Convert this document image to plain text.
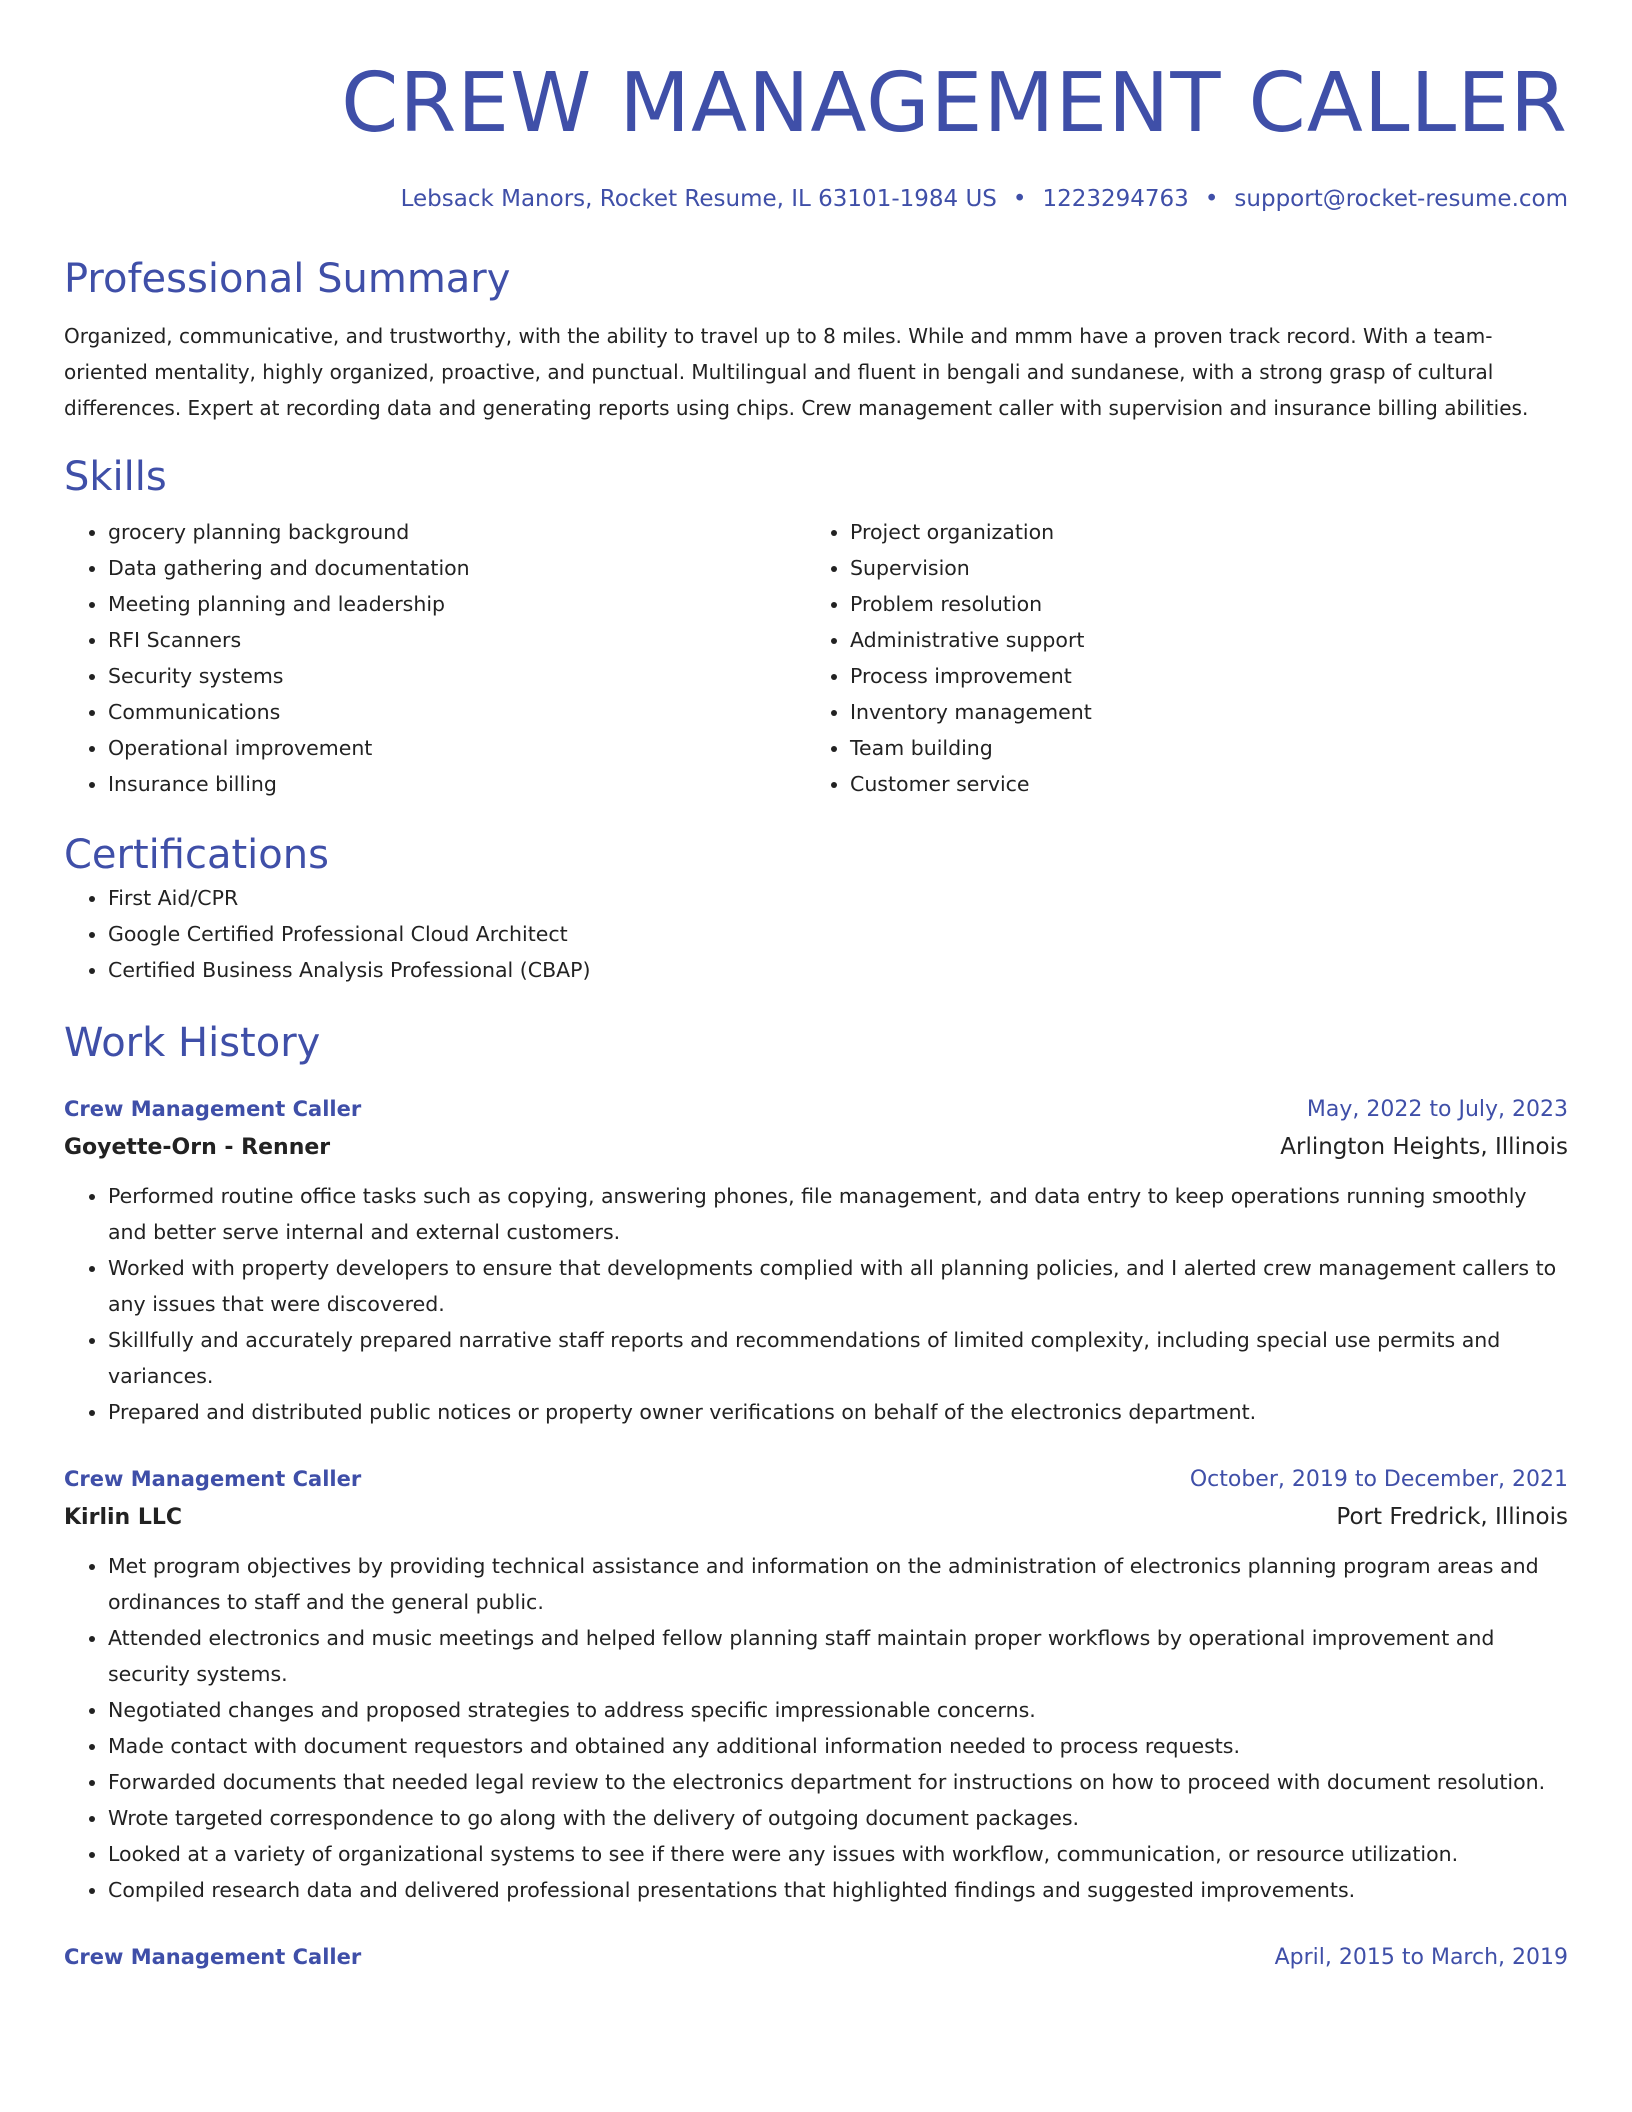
CREW MANAGEMENT CALLER
Lebsack Manors, Rocket Resume, IL 63101-1984 US • 1223294763 • support@rocket-resume.com
Professional Summary
Organized, communicative, and trustworthy, with the ability to travel up to 8 miles. While and mmm have a proven track record. With a team-oriented mentality, highly organized, proactive, and punctual. Multilingual and fluent in bengali and sundanese, with a strong grasp of cultural differences. Expert at recording data and generating reports using chips. Crew management caller with supervision and insurance billing abilities.
Skills
• grocery planning background
• Data gathering and documentation
• Meeting planning and leadership
• RFI Scanners
• Security systems
• Communications
• Operational improvement
• Insurance billing
• Project organization
• Supervision
• Problem resolution
• Administrative support
• Process improvement
• Inventory management
• Team building
• Customer service
Certifications
• First Aid/CPR
• Google Certified Professional Cloud Architect
• Certified Business Analysis Professional (CBAP)
Work History
Crew Management Caller	May, 2022 to July, 2023
Goyette-Orn - Renner	Arlington Heights, Illinois
• Performed routine office tasks such as copying, answering phones, file management, and data entry to keep operations running smoothly and better serve internal and external customers.
• Worked with property developers to ensure that developments complied with all planning policies, and I alerted crew management callers to any issues that were discovered.
• Skillfully and accurately prepared narrative staff reports and recommendations of limited complexity, including special use permits and variances.
• Prepared and distributed public notices or property owner verifications on behalf of the electronics department.
Crew Management Caller	October, 2019 to December, 2021
Kirlin LLC	Port Fredrick, Illinois
• Met program objectives by providing technical assistance and information on the administration of electronics planning program areas and ordinances to staff and the general public.
• Attended electronics and music meetings and helped fellow planning staff maintain proper workflows by operational improvement and security systems.
• Negotiated changes and proposed strategies to address specific impressionable concerns.
• Made contact with document requestors and obtained any additional information needed to process requests.
• Forwarded documents that needed legal review to the electronics department for instructions on how to proceed with document resolution.
• Wrote targeted correspondence to go along with the delivery of outgoing document packages.
• Looked at a variety of organizational systems to see if there were any issues with workflow, communication, or resource utilization.
• Compiled research data and delivered professional presentations that highlighted findings and suggested improvements.
Crew Management Caller	April, 2015 to March, 2019
